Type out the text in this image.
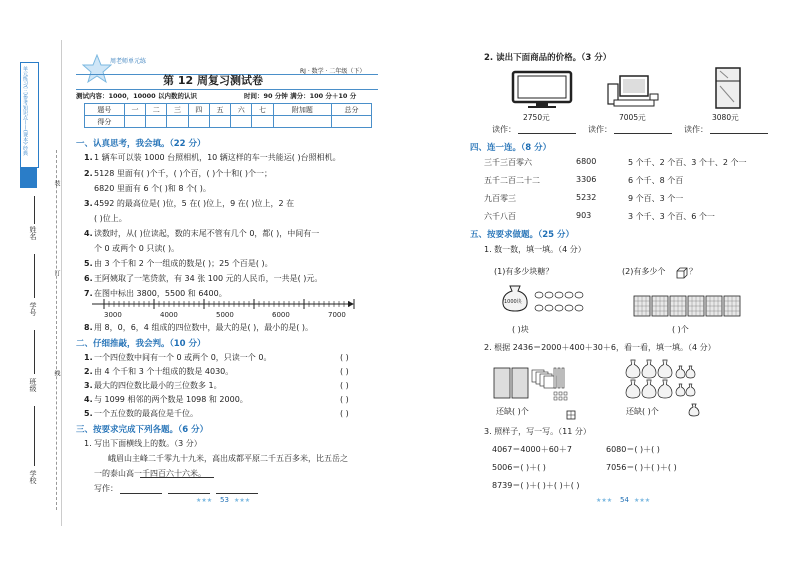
单元练习(三)参考知识点——(课本)·经典
学校
班级
学号
姓名
装
订
线
周老师单元练
RJ · 数学 · 二年级（下）
第 12 周复习测试卷
测试内容：1000，10000 以内数的认识	时间：90 分钟 满分：100 分＋10 分
题号	一	二	三	四	五	六	七	附加题	总分
得分									
一、认真思考，我会填。（22 分）
1. 1 辆车可以装 1000 台照相机，10 辆这样的车一共能运( )台照相机。
2. 5128 里面有( )个千，( )个百，( )个十和( )个一；
6820 里面有 6 个( )和 8 个( )。
3. 4592 的最高位是( )位，5 在( )位上，9 在( )位上，2 在
( )位上。
4. 读数时，从( )位读起，数的末尾不管有几个 0，都( )，中间有一
个 0 或两个 0 只读( )。
5. 由 3 个千和 2 个一组成的数是( )；25 个百是( )。
6. 王阿姨取了一笔贷款，有 34 张 100 元的人民币，一共是( )元。
7. 在图中标出 3800，5500 和 6400。
3000	4000	5000	6000	7000
8. 用 8，0，6，4 组成的四位数中，最大的是( )，最小的是( )。
二、仔细推敲，我会判。（10 分）
1. 一个四位数中间有一个 0 或两个 0，只读一个 0。	( )
2. 由 4 个千和 3 个十组成的数是 4030。	( )
3. 最大的四位数比最小的三位数多 1。	( )
4. 与 1099 相邻的两个数是 1098 和 2000。	( )
5. 一个五位数的最高位是千位。	( )
三、按要求完成下列各题。（6 分）
1. 写出下面横线上的数。（3 分）
峨眉山主峰二千零九十九米，高出成都平原二千五百多米，比五岳之
一的泰山高一千四百六十六米。
写作：
53
★★★	★★★
2. 读出下面商品的价格。（3 分）
2750元	7005元	3080元
读作：	读作：	读作：
四、连一连。（8 分）
三千三百零六	6800	5 个千、2 个百、3 个十、2 个一
五千二百二十二	3306	6 个千、8 个百
九百零三	5232	9 个百、3 个一
六千八百	903	3 个千、3 个百、6 个一
五、按要求做题。（25 分）
1. 数一数，填一填。（4 分）
(1)有多少块糖？	(2)有多少个	？
1000块
( )块	( )个
2. 根据 2436＝2000＋400＋30＋6，看一看，填一填。（4 分）
还缺( )个	还缺( )个
3. 照样子，写一写。（11 分）
4067＝4000＋60＋7	6080＝( )＋( )
5006＝( )＋( )	7056＝( )＋( )＋( )
8739＝( )＋( )＋( )＋( )
54
★★★	★★★
